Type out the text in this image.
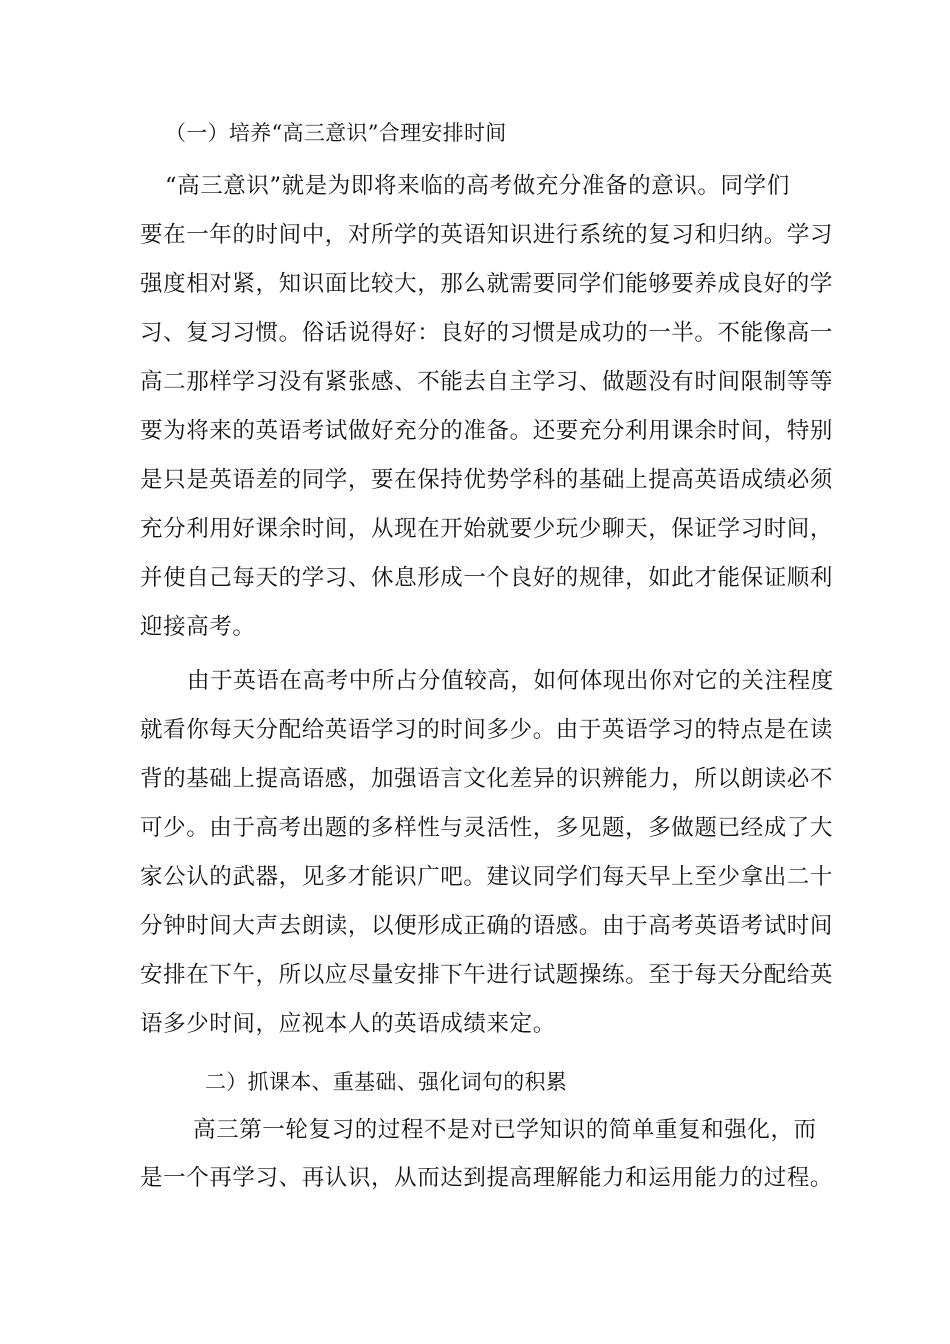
（一）培养“高三意识”合理安排时间
“高三意识”就是为即将来临的高考做充分准备的意识。同学们
要在一年的时间中，对所学的英语知识进行系统的复习和归纳。学习
强度相对紧，知识面比较大，那么就需要同学们能够要养成良好的学
习、复习习惯。俗话说得好：良好的习惯是成功的一半。不能像高一
高二那样学习没有紧张感、不能去自主学习、做题没有时间限制等等
要为将来的英语考试做好充分的准备。还要充分利用课余时间，特别
是只是英语差的同学，要在保持优势学科的基础上提高英语成绩必须
充分利用好课余时间，从现在开始就要少玩少聊天，保证学习时间，
并使自己每天的学习、休息形成一个良好的规律，如此才能保证顺利
迎接高考。
由于英语在高考中所占分值较高，如何体现出你对它的关注程度
就看你每天分配给英语学习的时间多少。由于英语学习的特点是在读
背的基础上提高语感，加强语言文化差异的识辨能力，所以朗读必不
可少。由于高考出题的多样性与灵活性，多见题，多做题已经成了大
家公认的武器，见多才能识广吧。建议同学们每天早上至少拿出二十
分钟时间大声去朗读，以便形成正确的语感。由于高考英语考试时间
安排在下午，所以应尽量安排下午进行试题操练。至于每天分配给英
语多少时间，应视本人的英语成绩来定。
二）抓课本、重基础、强化词句的积累
高三第一轮复习的过程不是对已学知识的简单重复和强化，而
是一个再学习、再认识，从而达到提高理解能力和运用能力的过程。
